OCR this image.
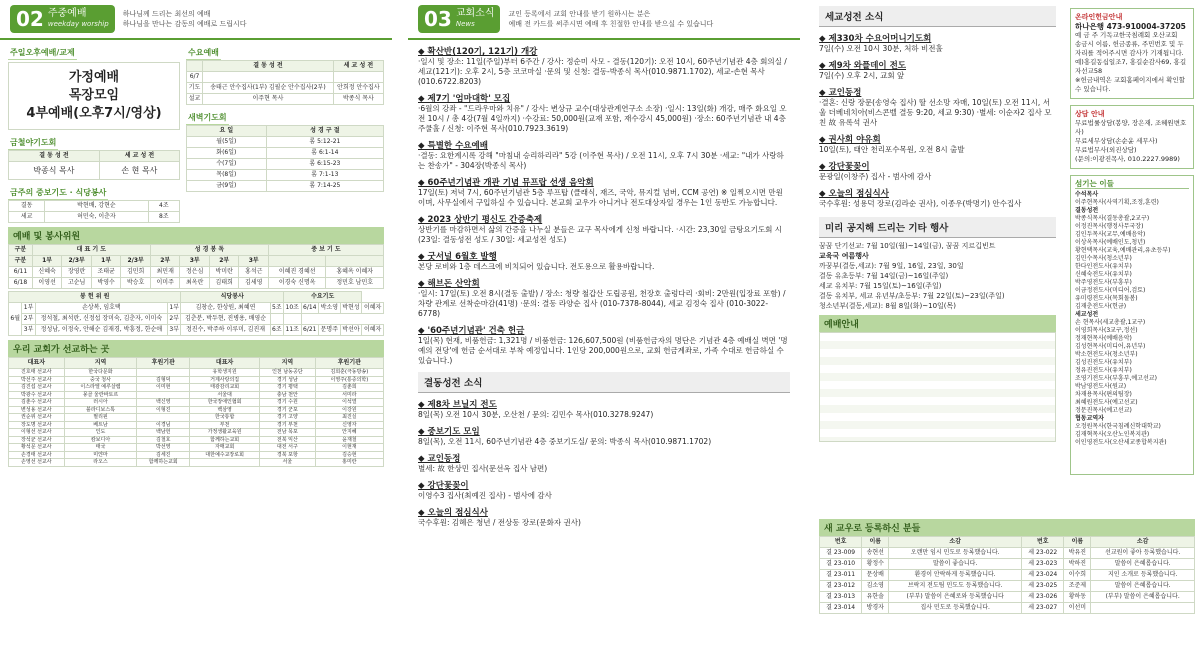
02 주중예배
weekday worship
하나님께 드리는 최선의 예배
하나님을 만나는 감동의 예배로 드립시다
주일오후예배/교제
가정예배
목장모임
4부예배(오후7시/영상)
금철야기도회
결 동 성 전	세 교 성 전
박종식 목사	손 현 목사
금주의 중보기도 · 식당봉사
결동	박현배, 강현순	4조
세교	허민숙, 이춘자	8조
수요예배
	결 동 성 전	세 교 성 전
6/7		
기도	송태근 안수집사(1부) 김필순 안수집사(2부)	안희정 안수집사
설교	이주현 목사	박종식 목사
새벽기도회
요 일	성 경 구 절
월(5일)	롬 5:12-21
화(6일)	롬 6:1-14
수(7일)	롬 6:15-23
목(8일)	롬 7:1-13
금(9일)	롬 7:14-25
예배 및 봉사위원
구분	대 표 기 도				성 경 봉 독				중 보 기 도	
구분	1부	2/3부	1부	2/3부	2부	3부	2부	3부		
6/11	신혜숙	장영란	조태균	김민희	최민재	정은심	박미란	홍석근	이혜진 경혜선	홍혜옥 이혜자
6/18	이영선	고순님	박영수	박승호	이미주	최옥란	김태희	김세영	이경숙 신명옥	정민호 남민호
봉 헌 위 원				식당봉사		수요기도				
6월	1부	손상복, 임호택	1부	김창순, 한상원, 최혜연	5조	10조	6/14	박소영	박현성	이혜자
	2부	정석철, 최석란, 신정섭 장미숙, 김춘자, 이미숙	2부	김춘분, 박두현, 진병용, 배영순						
	3부	정성남, 이정숙, 안해순 김재경, 박흥정, 한순애	3부	정진수, 박주하 이루미, 김진재	6조	11조	6/21	문명주	박선아	이혜자
우리 교회가 선교하는 곳
대표자	지역	후원기관	대표자	지역	후원기관
진호태 선교사	한국다문화		유학생지원	인천 남동공단	김희훈(극동방송)
박선주 선교사	중국 청사	김형덕	거제사랑의집	경기 성남	이영주(통증의학)
김진섭 선교사	이스라엘 예루살렘	이미현	태광감리교회	경기 평택	김춘희
박광수 선교사	몽골 울란바토르		서울대	충남 천안	서미라
김춘수 선교사	러시아	백신영	한국장애인협회	경기 수원	이석열
변성용 선교사	블라디보스톡	이형진	백삼영	경기 군포	이강원
권순위 선교사	필리핀		한국통합	경기 고양	최진실
장도명 선교사	베트남	이경님	부천	경기 부천	신영자
이형선 선교사	인도	백남헌	가정생활교육원	전남 목포	안지혜
장석균 선교사	캄보디아	김철호	함께하는교회	전북 익산	윤재철
황석문 선교사	태국	박선영	자매교회	대전 서구	이현재
손경태 선교사	미얀마	김세진	대한예수교장로회	경북 포항	김승현
손영선 선교사	라오스	함께하는교회		서울	홍미란
03 교회소식
News
교인 등록에서 교회 안내를 받기 원하시는 분은
예배 전 카드를 써주시면 예배 후 친절한 안내를 받으실 수 있습니다
◆ 확산반(120기, 121기) 개강
·일시 및 장소: 11일(주일)부터 6주간 / 강사: 정순미 사모 - 결동(120기): 오전 10시, 60주년기념관 4층 회의실 / 세교(121기): 오후 2시, 5층 코코마실 ·문의 및 신청: 결동-박종식 목사(010.9871.1702), 세교-손현 목사(010.6722.8203)
◆ 제7기 '엄마대학' 모집
·6월의 강좌 - "드라우마와 치유" / 강사: 변상규 교수(대상관계연구소 소장) ·일시: 13일(화) 개강, 매주 화요일 오전 10시 / 총 4강(7월 4일까지) ·수강료: 50,000원(교재 포함, 재수강시 45,000원) ·장소: 60주년기념관 내 4층 주쿨홀 / 신청: 이주현 목사(010.7923.3619)
◆ 특별한 수요예배
·결동: 요한계시록 강해 "마침내 승리하리라" 5강 (이주현 목사) / 오전 11시, 오후 7시 30분 ·세교: "내가 사랑하는 찬송가" - 304장(박종식 목사)
◆ 60주년기념관 개관 기념 뮤프랍 선생 음악회
17일(토) 저녁 7시, 60주년기념관 5층 루프탑 (클래식, 재즈, 국악, 뮤지컬 넘버, CCM 공연) ※ 일찍오시면 만원이며, 사무실에서 구입하실 수 있습니다. 본교회 교우가 아니거나 전도대상자일 경우는 1인 동반도 가능합니다.
◆ 2023 상반기 평신도 간증축제
상반기를 마감하면서 삶의 간증을 나누실 분들은 교구 목사에게 신청 바랍니다. ·시간: 23,30일 금탕요기도회 시 (23일: 결동성전 성도 / 30일: 세교성전 성도)
◆ 굿서널 6월호 발행
본당 로비와 1층 데스크에 비치되어 있습니다. 전도용으로 활용바랍니다.
◆ 해브돈 산악회
·일시: 17일(토) 오전 8시(결동 출발) / 장소: 청량 철갑산 도립공원, 천장호 출렁다리 ·회비: 2만원(입장료 포함) / 차량 관계로 선착순마감(41명) ·문의: 결동 라양순 집사 (010-7378-8044), 세교 김정숙 집사 (010-3022-6778)
◆ '60주년기념관' 건축 헌금
1일(목) 현재, 비품헌금: 1,321명 / 비품헌금: 126,607,500원 (비품헌금자의 명단은 기념관 4층 예배실 벽면 '명예의 전당'에 헌금 순서대로 부착 예정입니다. 1인당 200,000원으로, 교회 헌금계좌로, 가족 수대로 헌금하실 수 있습니다.)
결동성전 소식
◆ 제8차 브닐지 전도
8일(목) 오전 10시 30분, 오산천 / 문의: 김민수 목사(010.3278.9247)
◆ 중보기도 모임
8일(목), 오전 11시, 60주년기념관 4층 중보기도실/ 문의: 박종식 목사(010.9871.1702)
◆ 교인동정
별세: 故 한상민 집사(문선옥 집사 남편)
◆ 강단꽃꽂이
이영수3 집사(최예진 집사) - 범사에 감사
◆ 오늘의 점심식사
국수후원: 김혜은 청년 / 전상동 장로(문화자 권사)
세교성전 소식
◆ 제330차 수요어머니기도회
7일(수) 오전 10시 30분, 처하 비전홀
◆ 제9차 와플데이 전도
7일(수) 오후 2시, 교회 앞
◆ 교인동정
·결혼: 신랑 장문(송영숙 집사) 딸 선소망 자매, 10일(토) 오전 11시, 서울 더베네치아(비스콘벨 결동 9:20, 세교 9:30) ·별세: 이순자2 집사 모친 故 유록석 권사
◆ 권사회 야유회
10일(토), 태안 천리포수목원, 오전 8시 출발
◆ 강단꽃꽂이
문광일(이창주) 집사 - 범사에 감사
◆ 오늘의 점심식사
국수후원: 성용덕 장로(김라순 권사), 이종우(박명기) 안수집사
미리 공지해 드리는 기타 행사
꿈꿈 단기선교: 7월 10일(월)~14일(금), 꿈꿈 지르깁빈트
교육국 여름행사
까꿍부(결동,세교): 7월 9일, 16일, 23일, 30일
결동 유초등부: 7월 14일(금)~16일(주일)
세교 유치부: 7월 15일(토)~16일(주일)
결동 유치부, 세교 유년부/초등부: 7월 22일(토)~23일(주일)
청소년부(결동,세교): 8월 8일(화)~10일(목)
예배안내
온라인헌금안내
하나은행 473-910004-37205
예 금 주 기독교한국침례회 오산교회
송금시 이름, 헌금종류, 주민번호 및 두 자리를 적어주시면 감사가 기재됩니다.
예)홍길동십일조7, 홍길순감사69, 홍길자선교58
※헌금내역은 교회홈페이지에서 확인할 수 있습니다.
상담 안내
무료법률상담(봉양, 장은재, 조혜원변호사)
무료세무상담(손순윤 세무사)
무료법무사(외진상담)
(문의:이광진목사, 010.2227.9989)
섬기는 이들
수석목사
이주현목사(사역기획,조정,훈련)
결동성전
박종식목사(결동총괄,2교구)
이정진목사(행정사무국장)
김인두목사(교무,예배음악)
이상옥목사(예배인도,청년)
황현택목사(교육,예배관리,유초등부)
김민수목사(청소년부)
한다인전도사(유치부)
신혜숙전도사(유치부)
박주영전도사(부흥부)
이금정전도사(미디어,검토)
유미령전도사(목회돌봄)
김재춘전도사(헌금)
세교성전
손 현목사(세교총괄,1교구)
이영희목사(3교구,정선)
정재현목사(예배음악)
김성현목사(미디어,유년부)
박소현전도사(청소년부)
김성진전도사(유치부)
정유진전도사(유치부)
조영기전도사(부흥부,예고선교)
박남영전도사(원교)
차재용목사(편의팀장)
최혜원전도사(예고선교)
정문진목사(예고선교)
협동교역자
오정원목사(한국침례신학대학교)
김재혁목사(오산노인복지관)
이인영전도사(오산세교종합복지관)
새 교우로 등록하신 분들
번호	이름	소감	번호	이름	소감
결 23-009	송현선	오랜만 임시 민도로 등록했습니다.	세 23-022	박유진	선교원이 좋아 등록했습니다.
결 23-010	황정수	말씀이 좋습니다.	세 23-023	박하진	말씀이 은혜롭습니다.
결 23-011	문상배	환경이 안락하게 등록했습니다.	세 23-024	이수희	지인 소개로 등록했습니다.
결 23-012	김소영	브락지 전도팀 민도도 등록했습니다.	세 23-025	조준제	말씀이 은혜롭습니다.
결 23-013	유한솔	(부부) 말씀이 은혜로와 등록했습니다	세 23-026	황하동	(부부) 말씀이 은혜롭습니다.
결 23-014	방경자	집사 민도로 등록했습니다.	세 23-027	이선미	
